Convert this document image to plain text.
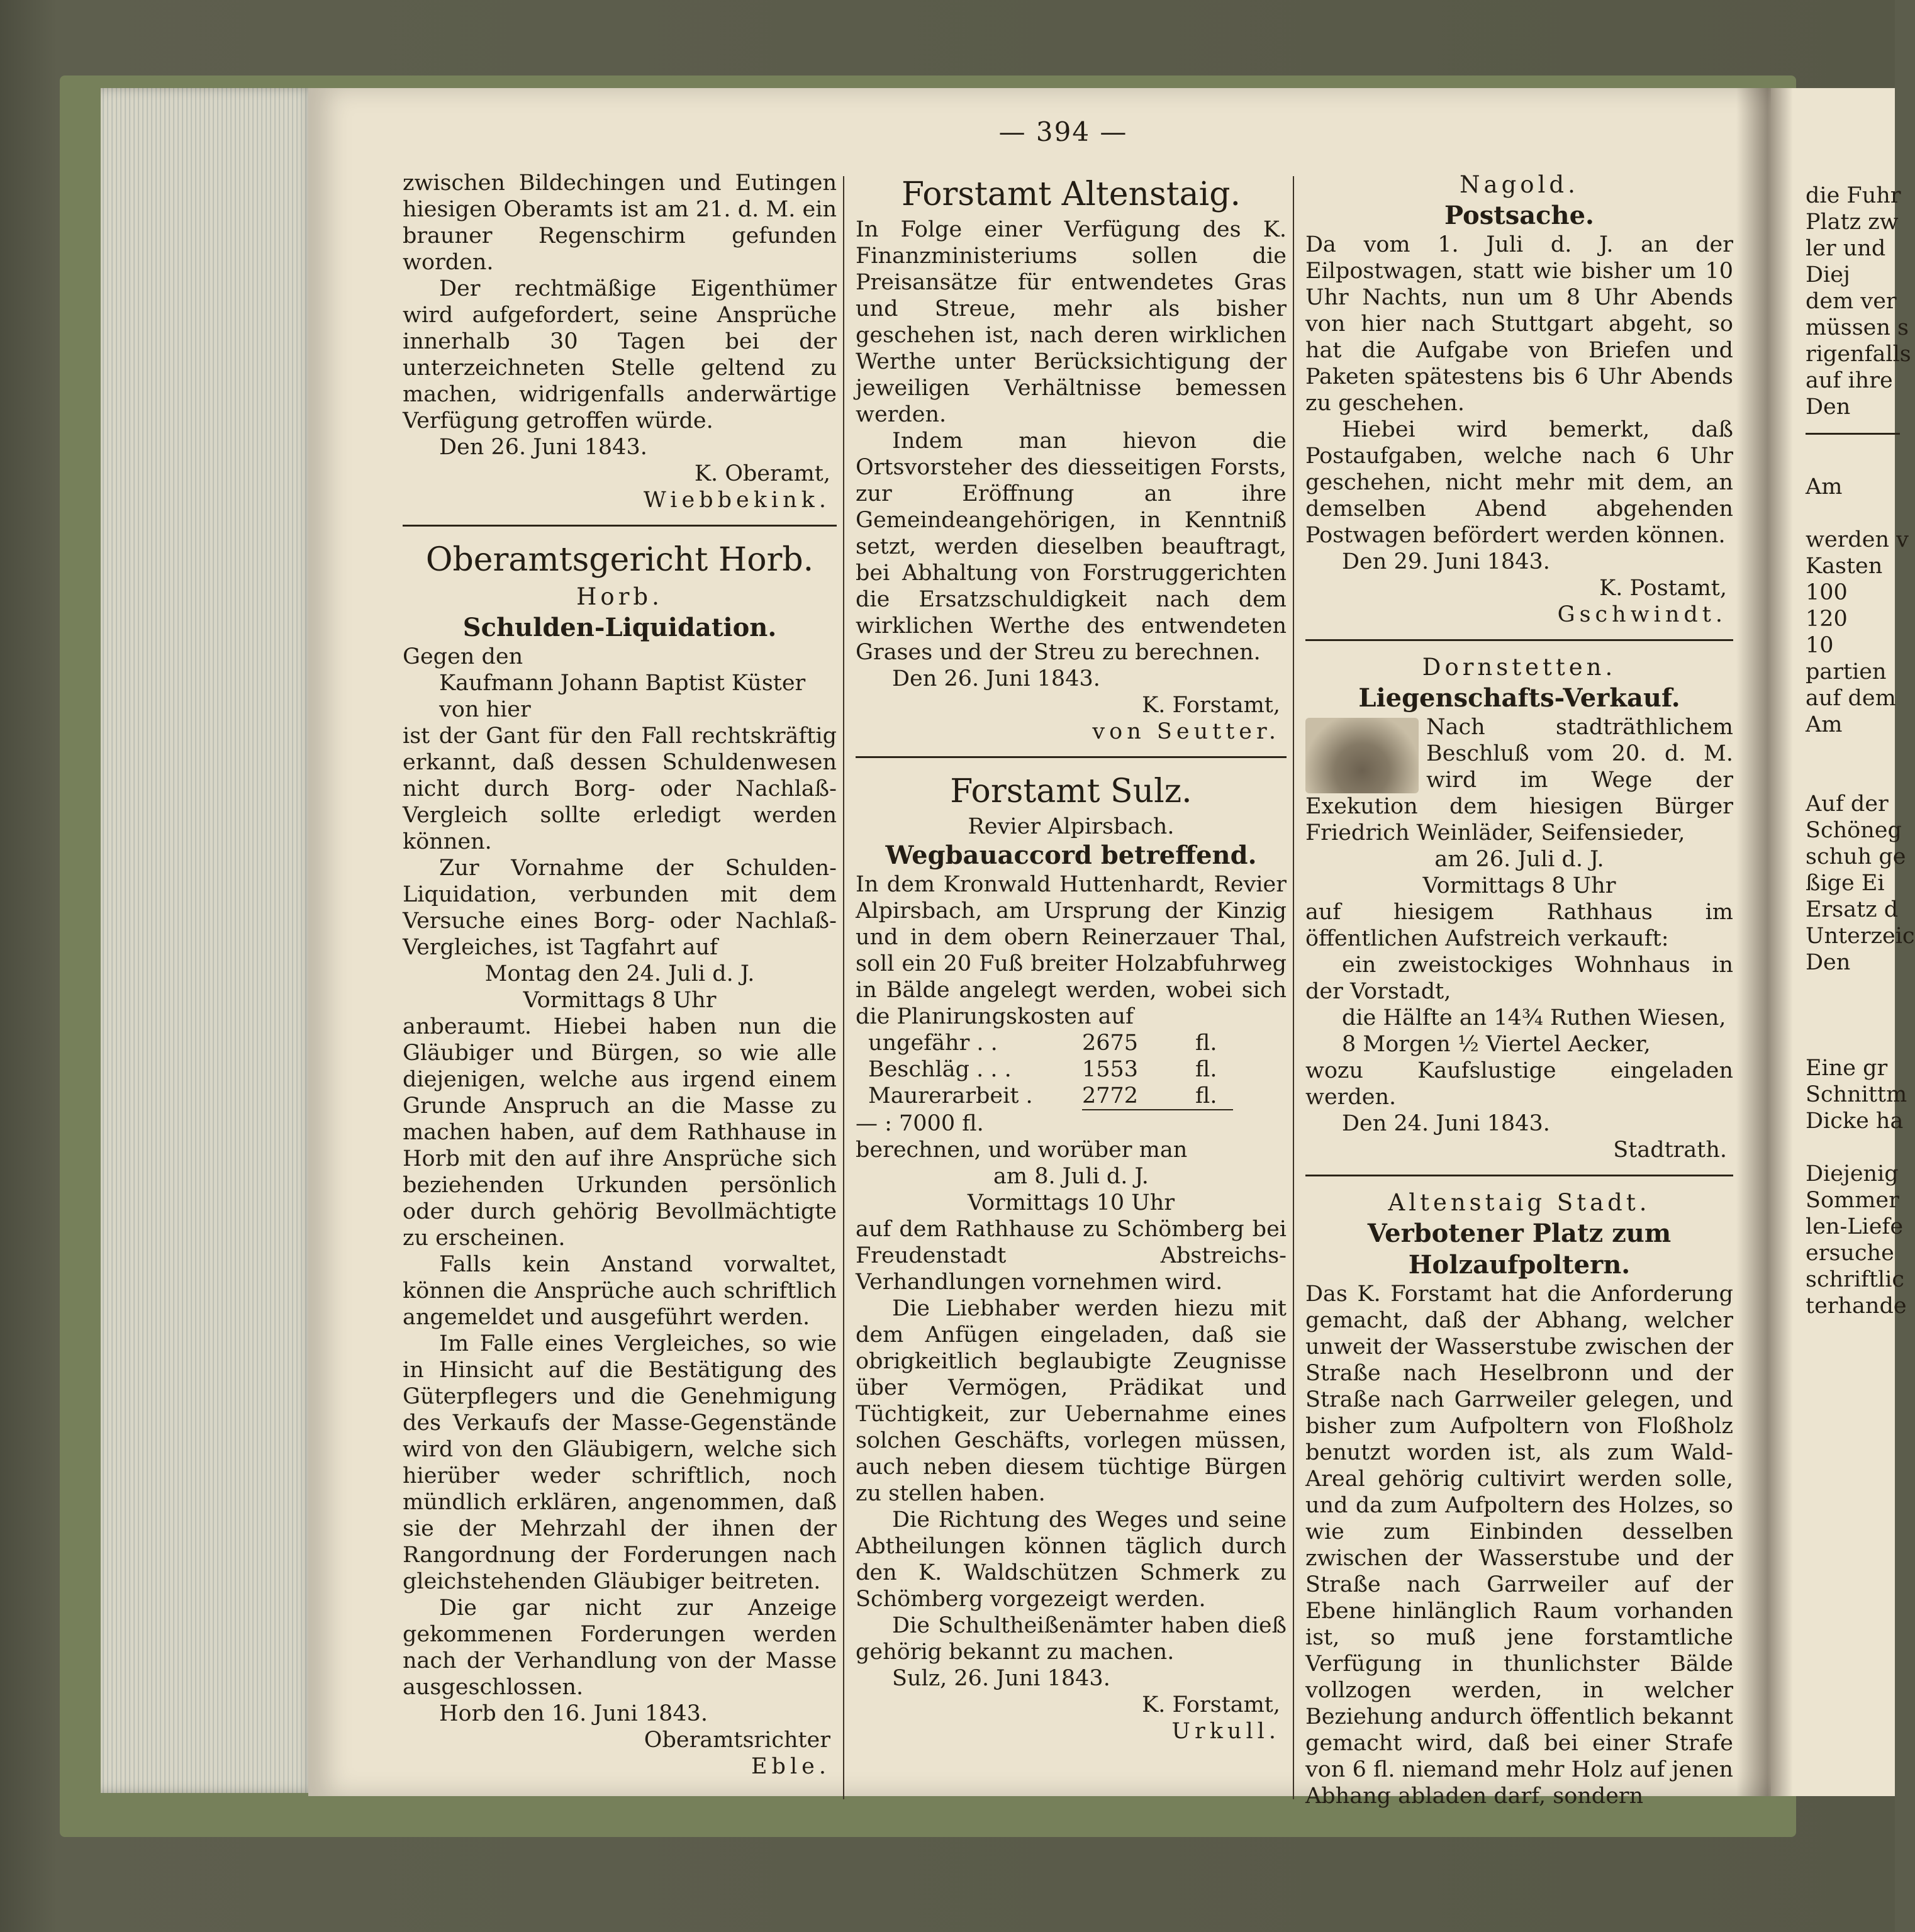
— 394 —

zwischen Bildechingen und Eutingen hiesigen Oberamts ist am 21. d. M. ein brauner Regenschirm gefunden worden.

Der rechtmäßige Eigenthümer wird aufgefordert, seine Ansprüche innerhalb 30 Tagen bei der unterzeichneten Stelle geltend zu machen, widrigenfalls anderwärtige Verfügung getroffen würde.

Den 26. Juni 1843.

K. Oberamt,

Wiebbekink.

Oberamtsgericht Horb.

Horb.

Schulden-Liquidation.

Gegen den

Kaufmann Johann Baptist Küster

von hier

ist der Gant für den Fall rechtskräftig erkannt, daß dessen Schuldenwesen nicht durch Borg- oder Nachlaß-Vergleich sollte erledigt werden können.

Zur Vornahme der Schulden-Liquidation, verbunden mit dem Versuche eines Borg- oder Nachlaß-Vergleiches, ist Tagfahrt auf

Montag den 24. Juli d. J.

Vormittags 8 Uhr

anberaumt. Hiebei haben nun die Gläubiger und Bürgen, so wie alle diejenigen, welche aus irgend einem Grunde Anspruch an die Masse zu machen haben, auf dem Rathhause in Horb mit den auf ihre Ansprüche sich beziehenden Urkunden persönlich oder durch gehörig Bevollmächtigte zu erscheinen.

Falls kein Anstand vorwaltet, können die Ansprüche auch schriftlich angemeldet und ausgeführt werden.

Im Falle eines Vergleiches, so wie in Hinsicht auf die Bestätigung des Güterpflegers und die Genehmigung des Verkaufs der Masse-Gegenstände wird von den Gläubigern, welche sich hierüber weder schriftlich, noch mündlich erklären, angenommen, daß sie der Mehrzahl der ihnen der Rangordnung der Forderungen nach gleichstehenden Gläubiger beitreten.

Die gar nicht zur Anzeige gekommenen Forderungen werden nach der Verhandlung von der Masse ausgeschlossen.

Horb den 16. Juni 1843.

Oberamtsrichter

Eble.

Forstamt Altenstaig.

In Folge einer Verfügung des K. Finanzministeriums sollen die Preisansätze für entwendetes Gras und Streue, mehr als bisher geschehen ist, nach deren wirklichen Werthe unter Berücksichtigung der jeweiligen Verhältnisse bemessen werden.

Indem man hievon die Ortsvorsteher des diesseitigen Forsts, zur Eröffnung an ihre Gemeindeangehörigen, in Kenntniß setzt, werden dieselben beauftragt, bei Abhaltung von Forstruggerichten die Ersatzschuldigkeit nach dem wirklichen Werthe des entwendeten Grases und der Streu zu berechnen.

Den 26. Juni 1843.

K. Forstamt,

von Seutter.

Forstamt Sulz.

Revier Alpirsbach.

Wegbauaccord betreffend.

In dem Kronwald Huttenhardt, Revier Alpirsbach, am Ursprung der Kinzig und in dem obern Reinerzauer Thal, soll ein 20 Fuß breiter Holzabfuhrweg in Bälde angelegt werden, wobei sich die Planirungskosten auf

ungefähr . .	2675	fl.
Beschläg . . .	1553	fl.
Maurerarbeit .	2772	fl.

— : 7000 fl.

berechnen, und worüber man

am 8. Juli d. J.

Vormittags 10 Uhr

auf dem Rathhause zu Schömberg bei Freudenstadt Abstreichs-Verhandlungen vornehmen wird.

Die Liebhaber werden hiezu mit dem Anfügen eingeladen, daß sie obrigkeitlich beglaubigte Zeugnisse über Vermögen, Prädikat und Tüchtigkeit, zur Uebernahme eines solchen Geschäfts, vorlegen müssen, auch neben diesem tüchtige Bürgen zu stellen haben.

Die Richtung des Weges und seine Abtheilungen können täglich durch den K. Waldschützen Schmerk zu Schömberg vorgezeigt werden.

Die Schultheißenämter haben dieß gehörig bekannt zu machen.

Sulz, 26. Juni 1843.

K. Forstamt,

Urkull.

Nagold.

Postsache.

Da vom 1. Juli d. J. an der Eilpostwagen, statt wie bisher um 10 Uhr Nachts, nun um 8 Uhr Abends von hier nach Stuttgart abgeht, so hat die Aufgabe von Briefen und Paketen spätestens bis 6 Uhr Abends zu geschehen.

Hiebei wird bemerkt, daß Postaufgaben, welche nach 6 Uhr geschehen, nicht mehr mit dem, an demselben Abend abgehenden Postwagen befördert werden können.

Den 29. Juni 1843.

K. Postamt,

Gschwindt.

Dornstetten.

Liegenschafts-Verkauf.

Nach stadträthlichem Beschluß vom 20. d. M. wird im Wege der Exekution dem hiesigen Bürger Friedrich Weinläder, Seifensieder,

am 26. Juli d. J.

Vormittags 8 Uhr

auf hiesigem Rathhaus im öffentlichen Aufstreich verkauft:

ein zweistockiges Wohnhaus in der Vorstadt,

die Hälfte an 14¾ Ruthen Wiesen,

8 Morgen ½ Viertel Aecker,

wozu Kaufslustige eingeladen werden.

Den 24. Juni 1843.

Stadtrath.

Altenstaig Stadt.

Verbotener Platz zum Holzaufpoltern.

Das K. Forstamt hat die Anforderung gemacht, daß der Abhang, welcher unweit der Wasserstube zwischen der Straße nach Heselbronn und der Straße nach Garrweiler gelegen, und bisher zum Aufpoltern von Floßholz benutzt worden ist, als zum Wald-Areal gehörig cultivirt werden solle, und da zum Aufpoltern des Holzes, so wie zum Einbinden desselben zwischen der Wasserstube und der Straße nach Garrweiler auf der Ebene hinlänglich Raum vorhanden ist, so muß jene forstamtliche Verfügung in thunlichster Bälde vollzogen werden, in welcher Beziehung andurch öffentlich bekannt gemacht wird, daß bei einer Strafe von 6 fl. niemand mehr Holz auf jenen Abhang abladen darf, sondern

die Fuhr
Platz zw
ler und
Diej
dem ver
müssen s
rigenfalls
auf ihre
Den
Am
werden v
Kasten
100
120
10
partien
auf dem
Am
Auf der
Schöneg
schuh ge
ßige Ei
Ersatz d
Unterzeic
Den
Eine gr
Schnittm
Dicke ha
Diejenig
Sommer
len-Liefe
ersuche
schriftlic
terhande
